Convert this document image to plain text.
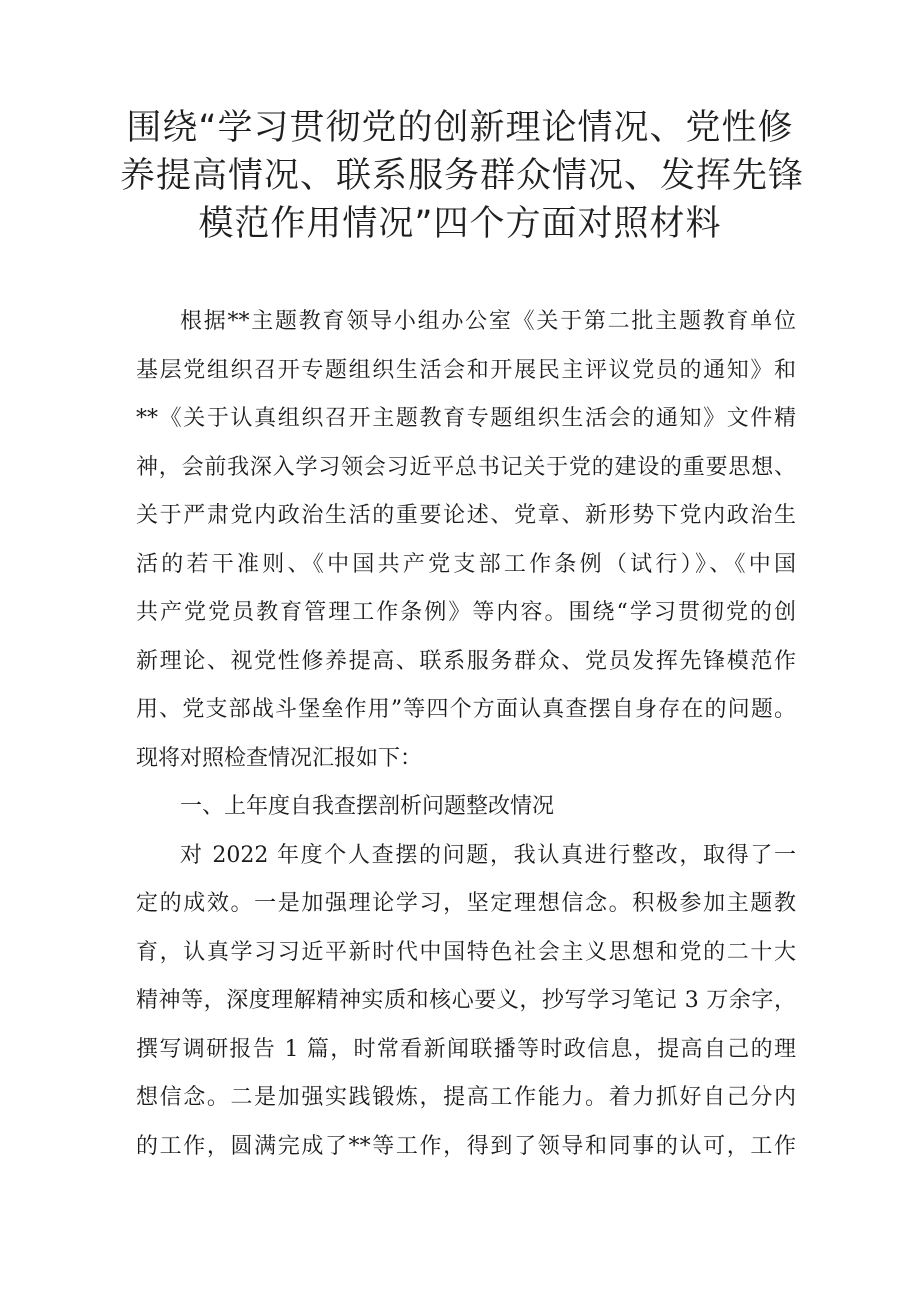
围绕“学习贯彻党的创新理论情况、党性修
养提高情况、联系服务群众情况、发挥先锋
模范作用情况”四个方面对照材料
根据**主题教育领导小组办公室《关于第二批主题教育单位
基层党组织召开专题组织生活会和开展民主评议党员的通知》和
**《关于认真组织召开主题教育专题组织生活会的通知》文件精
神，会前我深入学习领会习近平总书记关于党的建设的重要思想、
关于严肃党内政治生活的重要论述、党章、新形势下党内政治生
活的若干准则、《中国共产党支部工作条例（试行）》、《中国
共产党党员教育管理工作条例》等内容。围绕“学习贯彻党的创
新理论、视党性修养提高、联系服务群众、党员发挥先锋模范作
用、党支部战斗堡垒作用”等四个方面认真查摆自身存在的问题。
现将对照检查情况汇报如下：
一、上年度自我查摆剖析问题整改情况
对 2022 年度个人查摆的问题，我认真进行整改，取得了一
定的成效。一是加强理论学习，坚定理想信念。积极参加主题教
育，认真学习习近平新时代中国特色社会主义思想和党的二十大
精神等，深度理解精神实质和核心要义，抄写学习笔记 3 万余字，
撰写调研报告 1 篇，时常看新闻联播等时政信息，提高自己的理
想信念。二是加强实践锻炼，提高工作能力。着力抓好自己分内
的工作，圆满完成了**等工作，得到了领导和同事的认可，工作
